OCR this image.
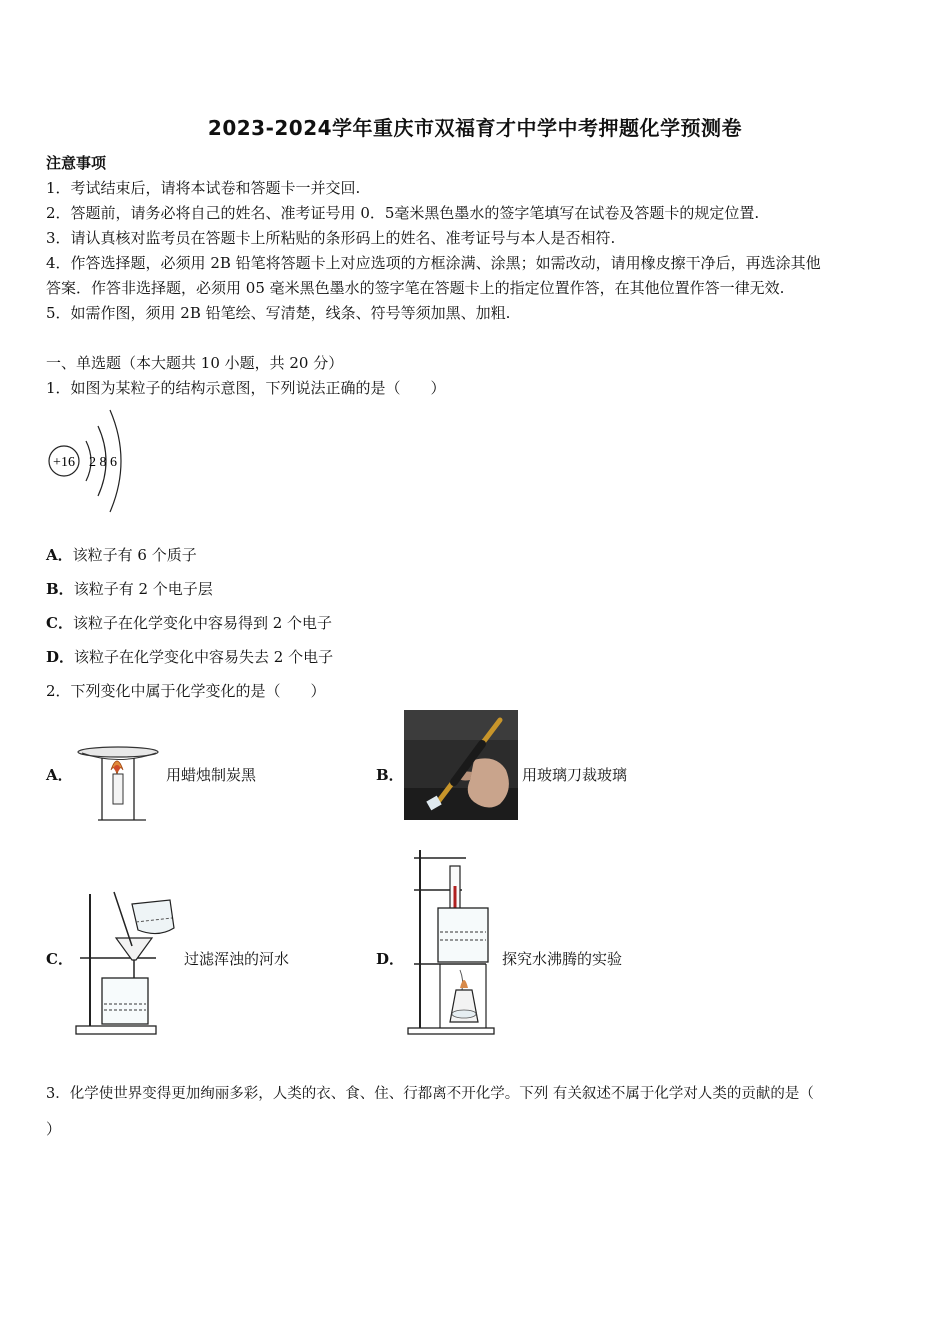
2023-2024学年重庆市双福育才中学中考押题化学预测卷
注意事项
1．考试结束后，请将本试卷和答题卡一并交回.
2．答题前，请务必将自己的姓名、准考证号用 0．5毫米黑色墨水的签字笔填写在试卷及答题卡的规定位置.
3．请认真核对监考员在答题卡上所粘贴的条形码上的姓名、准考证号与本人是否相符.
4．作答选择题，必须用 2B 铅笔将答题卡上对应选项的方框涂满、涂黑；如需改动，请用橡皮擦干净后，再选涂其他
答案．作答非选择题，必须用 05 毫米黑色墨水的签字笔在答题卡上的指定位置作答，在其他位置作答一律无效.
5．如需作图，须用 2B 铅笔绘、写清楚，线条、符号等须加黑、加粗.
一、单选题（本大题共 10 小题，共 20 分）
1．如图为某粒子的结构示意图，下列说法正确的是（　　）
+16 2 8 6
A．该粒子有 6 个质子
B．该粒子有 2 个电子层
C．该粒子在化学变化中容易得到 2 个电子
D．该粒子在化学变化中容易失去 2 个电子
2．下列变化中属于化学变化的是（　　）
A．	用蜡烛制炭黑	B．	用玻璃刀裁玻璃
C．	过滤浑浊的河水	D．	探究水沸腾的实验
3．化学使世界变得更加绚丽多彩，人类的衣、食、住、行都离不开化学。下列 有关叙述不属于化学对人类的贡献的是（
）
